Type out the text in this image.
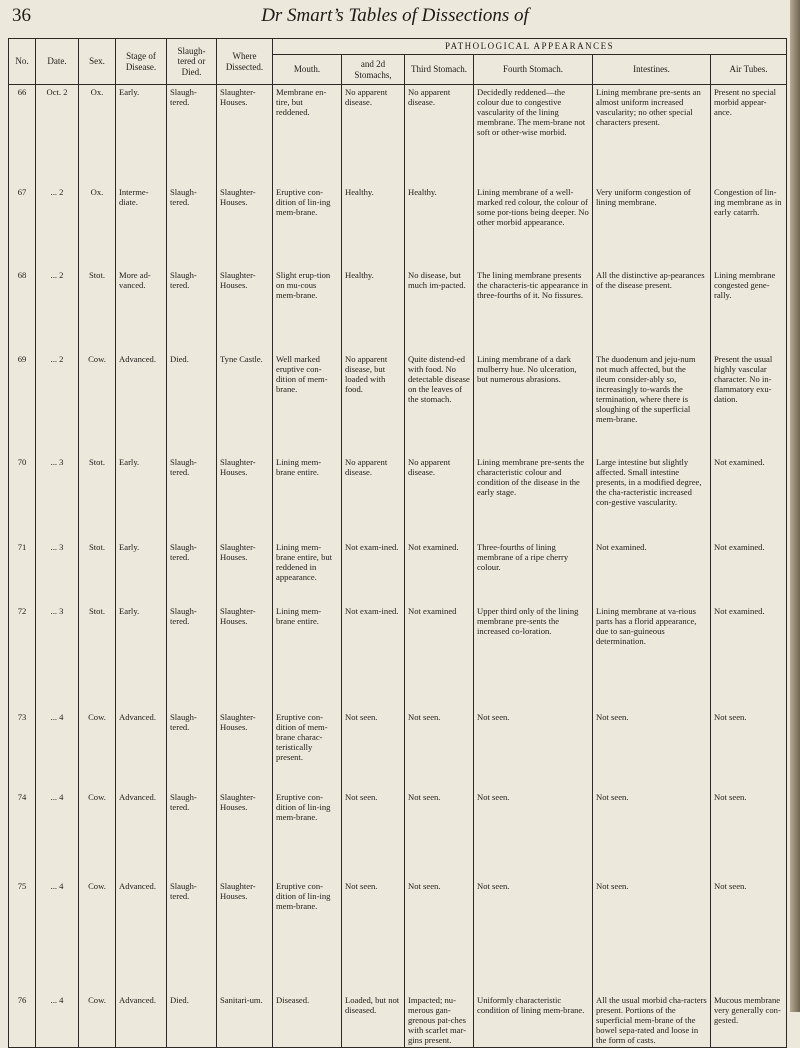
36	Dr Smart’s Tables of Dissections of
No.	Date.	Sex.	Stage of Disease.	Slaugh-tered or Died.	Where Dissected.	PATHOLOGICAL APPEARANCES					
						Mouth.	and 2d Stomachs,	Third Stomach.	Fourth Stomach.	Intestines.	Air Tubes.
66	Oct. 2	Ox.	Early.	Slaugh-tered.	Slaughter-Houses.	Membrane en-tire, but reddened.	No apparent disease.	No apparent disease.	Decidedly reddened—the colour due to congestive vascularity of the lining membrane. The mem-brane not soft or other-wise morbid.	Lining membrane pre-sents an almost uniform increased vascularity; no other special characters present.	Present no special morbid appear-ance.
67	... 2	Ox.	Interme-diate.	Slaugh-tered.	Slaughter-Houses.	Eruptive con-dition of lin-ing mem-brane.	Healthy.	Healthy.	Lining membrane of a well-marked red colour, the colour of some por-tions being deeper. No other morbid appearance.	Very uniform congestion of lining membrane.	Congestion of lin-ing membrane as in early catarrh.
68	... 2	Stot.	More ad-vanced.	Slaugh-tered.	Slaughter-Houses.	Slight erup-tion on mu-cous mem-brane.	Healthy.	No disease, but much im-pacted.	The lining membrane presents the characteris-tic appearance in three-fourths of it. No fissures.	All the distinctive ap-pearances of the disease present.	Lining membrane congested gene-rally.
69	... 2	Cow.	Advanced.	Died.	Tyne Castle.	Well marked eruptive con-dition of mem-brane.	No apparent disease, but loaded with food.	Quite distend-ed with food. No detectable disease on the leaves of the stomach.	Lining membrane of a dark mulberry hue. No ulceration, but numerous abrasions.	The duodenum and jeju-num not much affected, but the ileum consider-ably so, increasingly to-wards the termination, where there is sloughing of the superficial mem-brane.	Present the usual highly vascular character. No in-flammatory exu-dation.
70	... 3	Stot.	Early.	Slaugh-tered.	Slaughter-Houses.	Lining mem-brane entire.	No apparent disease.	No apparent disease.	Lining membrane pre-sents the characteristic colour and condition of the disease in the early stage.	Large intestine but slightly affected. Small intestine presents, in a modified degree, the cha-racteristic increased con-gestive vascularity.	Not examined.
71	... 3	Stot.	Early.	Slaugh-tered.	Slaughter-Houses.	Lining mem-brane entire, but reddened in appearance.	Not exam-ined.	Not examined.	Three-fourths of lining membrane of a ripe cherry colour.	Not examined.	Not examined.
72	... 3	Stot.	Early.	Slaugh-tered.	Slaughter-Houses.	Lining mem-brane entire.	Not exam-ined.	Not examined	Upper third only of the lining membrane pre-sents the increased co-loration.	Lining membrane at va-rious parts has a florid appearance, due to san-guineous determination.	Not examined.
73	... 4	Cow.	Advanced.	Slaugh-tered.	Slaughter-Houses.	Eruptive con-dition of mem-brane charac-teristically present.	Not seen.	Not seen.	Not seen.	Not seen.	Not seen.
74	... 4	Cow.	Advanced.	Slaugh-tered.	Slaughter-Houses.	Eruptive con-dition of lin-ing mem-brane.	Not seen.	Not seen.	Not seen.	Not seen.	Not seen.
75	... 4	Cow.	Advanced.	Slaugh-tered.	Slaughter-Houses.	Eruptive con-dition of lin-ing mem-brane.	Not seen.	Not seen.	Not seen.	Not seen.	Not seen.
76	... 4	Cow.	Advanced.	Died.	Sanitari-um.	Diseased.	Loaded, but not diseased.	Impacted; nu-merous gan-grenous pat-ches with scarlet mar-gins present.	Uniformly characteristic condition of lining mem-brane.	All the usual morbid cha-racters present. Portions of the superficial mem-brane of the bowel sepa-rated and loose in the form of casts.	Mucous membrane very generally con-gested.
